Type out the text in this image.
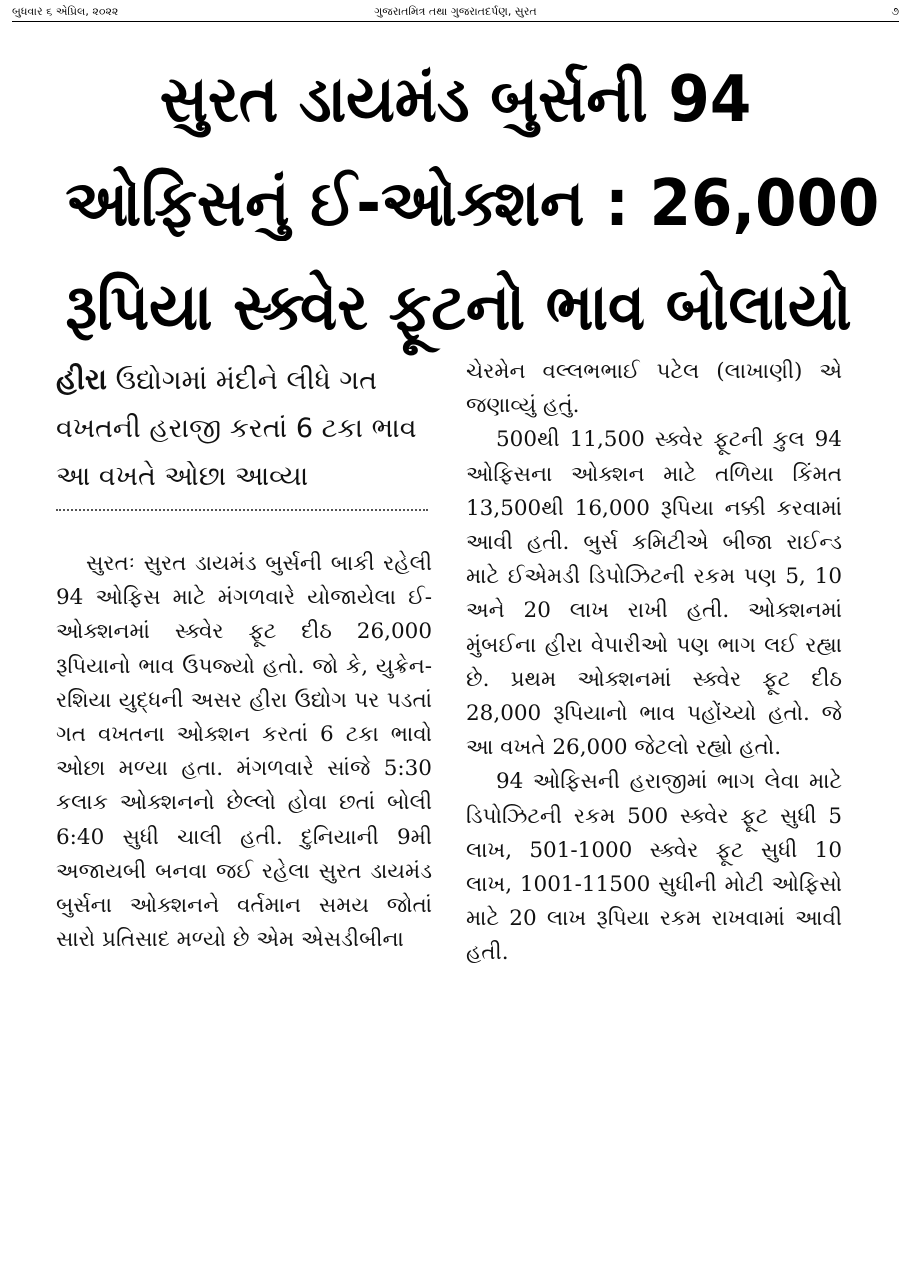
બુધવાર ૬ એપ્રિલ, ૨૦૨૨	ગુજરાતમિત્ર તથા ગુજરાતદર્પણ, સુરત	૭
સુરત ડાયમંડ બુર્સની 94
ઓફિસનું ઈ-ઓક્શન : 26,000
રૂપિયા સ્ક્વેર ફૂટનો ભાવ બોલાયો
હીરા ઉદ્યોગમાં મંદીને લીધે ગત વખતની હરાજી કરતાં 6 ટકા ભાવ આ વખતે ઓછા આવ્યા

સુરતઃ સુરત ડાયમંડ બુર્સની બાકી રહેલી 94 ઓફિસ માટે મંગળવારે યોજાયેલા ઈ-ઓક્શનમાં સ્ક્વેર ફૂટ દીઠ 26,000 રૂપિયાનો ભાવ ઉપજ્યો હતો. જો કે, યુક્રેન-રશિયા યુદ્ધની અસર હીરા ઉદ્યોગ પર પડતાં ગત વખતના ઓક્શન કરતાં 6 ટકા ભાવો ઓછા મળ્યા હતા. મંગળવારે સાંજે 5:30 કલાક ઓક્શનનો છેલ્લો હોવા છતાં બોલી 6:40 સુધી ચાલી હતી. દુનિયાની 9મી અજાયબી બનવા જઈ રહેલા સુરત ડાયમંડ બુર્સના ઓક્શનને વર્તમાન સમય જોતાં સારો પ્રતિસાદ મળ્યો છે એમ એસડીબીના

ચેરમેન વલ્લભભાઈ પટેલ (લાખાણી) એ જણાવ્યું હતું.

500થી 11,500 સ્ક્વેર ફૂટની કુલ 94 ઓફિસના ઓક્શન માટે તળિયા કિંમત 13,500થી 16,000 રૂપિયા નક્કી કરવામાં આવી હતી. બુર્સ કમિટીએ બીજા રાઈન્ડ માટે ઈએમડી ડિપોઝિટની રકમ પણ 5, 10 અને 20 લાખ રાખી હતી. ઓક્શનમાં મુંબઈના હીરા વેપારીઓ પણ ભાગ લઈ રહ્યા છે. પ્રથમ ઓક્શનમાં સ્ક્વેર ફૂટ દીઠ 28,000 રૂપિયાનો ભાવ પહોંચ્યો હતો. જે આ વખતે 26,000 જેટલો રહ્યો હતો.

94 ઓફિસની હરાજીમાં ભાગ લેવા માટે ડિપોઝિટની રકમ 500 સ્ક્વેર ફૂટ સુધી 5 લાખ, 501-1000 સ્ક્વેર ફૂટ સુધી 10 લાખ, 1001-11500 સુધીની મોટી ઓફિસો માટે 20 લાખ રૂપિયા રકમ રાખવામાં આવી હતી.
